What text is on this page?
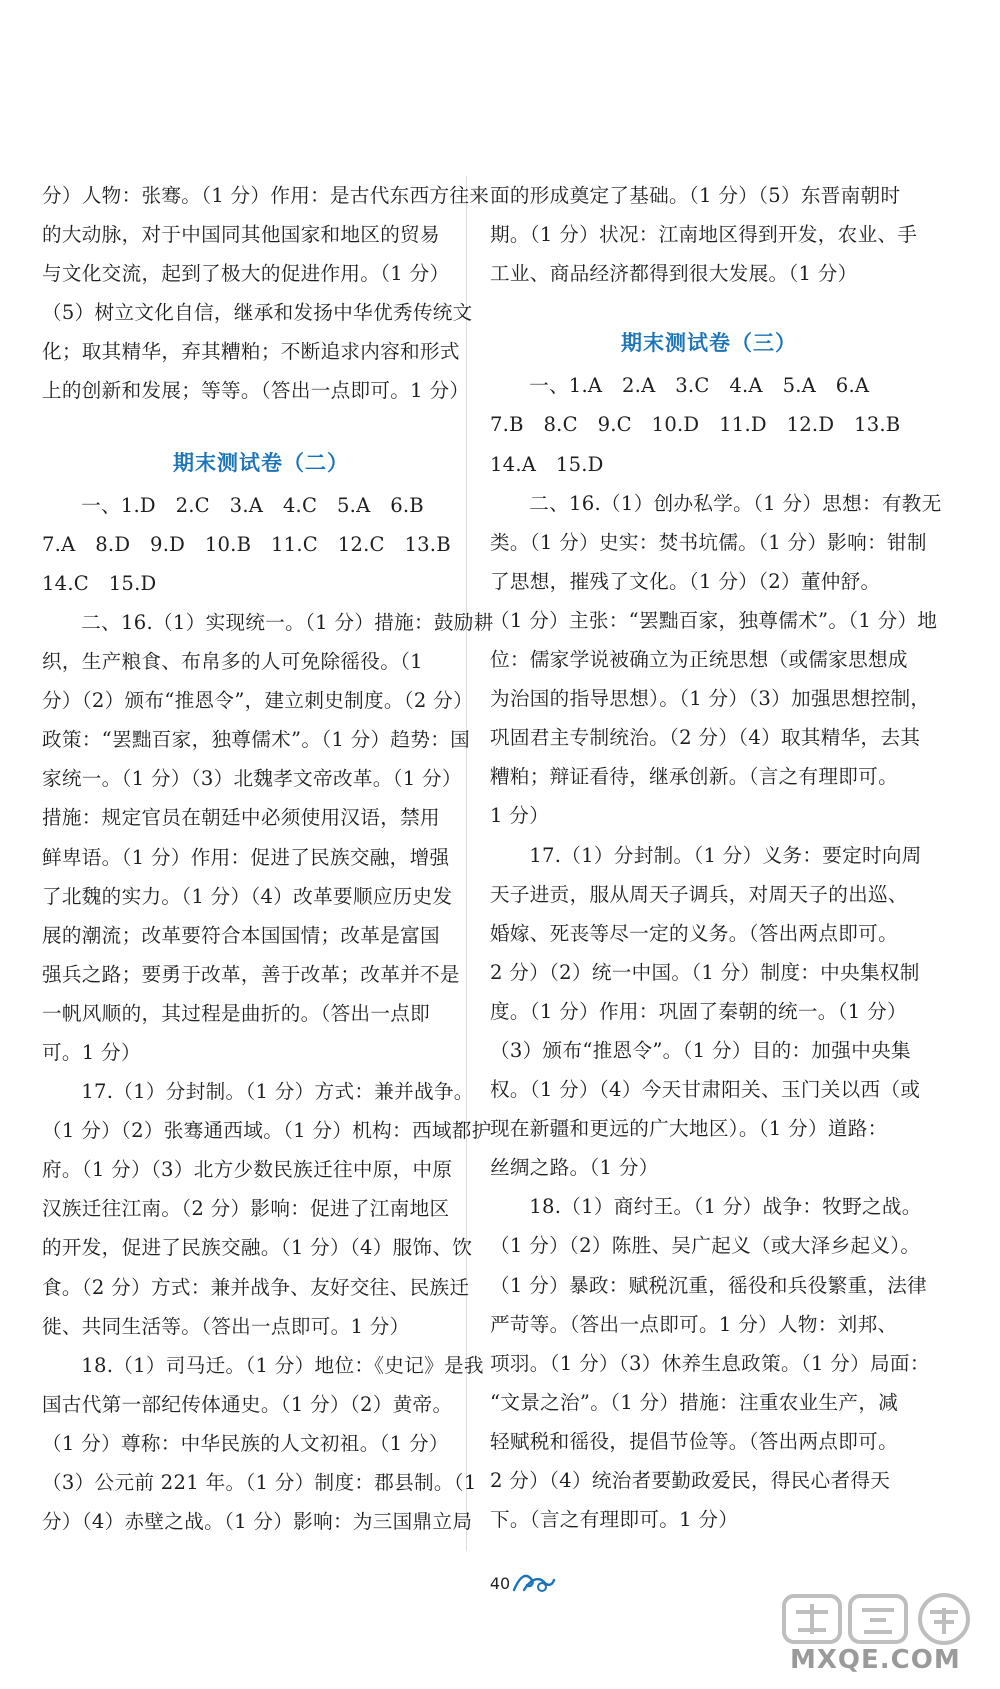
分）人物：张骞。（1 分）作用：是古代东西方往来

的大动脉，对于中国同其他国家和地区的贸易

与文化交流，起到了极大的促进作用。（1 分）

（5）树立文化自信，继承和发扬中华优秀传统文

化；取其精华，弃其糟粕；不断追求内容和形式

上的创新和发展；等等。（答出一点即可。1 分）

期末测试卷（二）

一、1.D　2.C　3.A　4.C　5.A　6.B

7.A　8.D　9.D　10.B　11.C　12.C　13.B

14.C　15.D

二、16.（1）实现统一。（1 分）措施：鼓励耕

织，生产粮食、布帛多的人可免除徭役。（1

分）（2）颁布“推恩令”，建立刺史制度。（2 分）

政策：“罢黜百家，独尊儒术”。（1 分）趋势：国

家统一。（1 分）（3）北魏孝文帝改革。（1 分）

措施：规定官员在朝廷中必须使用汉语，禁用

鲜卑语。（1 分）作用：促进了民族交融，增强

了北魏的实力。（1 分）（4）改革要顺应历史发

展的潮流；改革要符合本国国情；改革是富国

强兵之路；要勇于改革，善于改革；改革并不是

一帆风顺的，其过程是曲折的。（答出一点即

可。1 分）

17.（1）分封制。（1 分）方式：兼并战争。

（1 分）（2）张骞通西域。（1 分）机构：西域都护

府。（1 分）（3）北方少数民族迁往中原，中原

汉族迁往江南。（2 分）影响：促进了江南地区

的开发，促进了民族交融。（1 分）（4）服饰、饮

食。（2 分）方式：兼并战争、友好交往、民族迁

徙、共同生活等。（答出一点即可。1 分）

18.（1）司马迁。（1 分）地位：《史记》是我

国古代第一部纪传体通史。（1 分）（2）黄帝。

（1 分）尊称：中华民族的人文初祖。（1 分）

（3）公元前 221 年。（1 分）制度：郡县制。（1

分）（4）赤壁之战。（1 分）影响：为三国鼎立局

面的形成奠定了基础。（1 分）（5）东晋南朝时

期。（1 分）状况：江南地区得到开发，农业、手

工业、商品经济都得到很大发展。（1 分）

期末测试卷（三）

一、1.A　2.A　3.C　4.A　5.A　6.A

7.B　8.C　9.C　10.D　11.D　12.D　13.B

14.A　15.D

二、16.（1）创办私学。（1 分）思想：有教无

类。（1 分）史实：焚书坑儒。（1 分）影响：钳制

了思想，摧残了文化。（1 分）（2）董仲舒。

（1 分）主张：“罢黜百家，独尊儒术”。（1 分）地

位：儒家学说被确立为正统思想（或儒家思想成

为治国的指导思想）。（1 分）（3）加强思想控制，

巩固君主专制统治。（2 分）（4）取其精华，去其

糟粕；辩证看待，继承创新。（言之有理即可。

1 分）

17.（1）分封制。（1 分）义务：要定时向周

天子进贡，服从周天子调兵，对周天子的出巡、

婚嫁、死丧等尽一定的义务。（答出两点即可。

2 分）（2）统一中国。（1 分）制度：中央集权制

度。（1 分）作用：巩固了秦朝的统一。（1 分）

（3）颁布“推恩令”。（1 分）目的：加强中央集

权。（1 分）（4）今天甘肃阳关、玉门关以西（或

现在新疆和更远的广大地区）。（1 分）道路：

丝绸之路。（1 分）

18.（1）商纣王。（1 分）战争：牧野之战。

（1 分）（2）陈胜、吴广起义（或大泽乡起义）。

（1 分）暴政：赋税沉重，徭役和兵役繁重，法律

严苛等。（答出一点即可。1 分）人物：刘邦、

项羽。（1 分）（3）休养生息政策。（1 分）局面：

“文景之治”。（1 分）措施：注重农业生产，减

轻赋税和徭役，提倡节俭等。（答出两点即可。

2 分）（4）统治者要勤政爱民，得民心者得天

下。（言之有理即可。1 分）

40
MXQE.COM
